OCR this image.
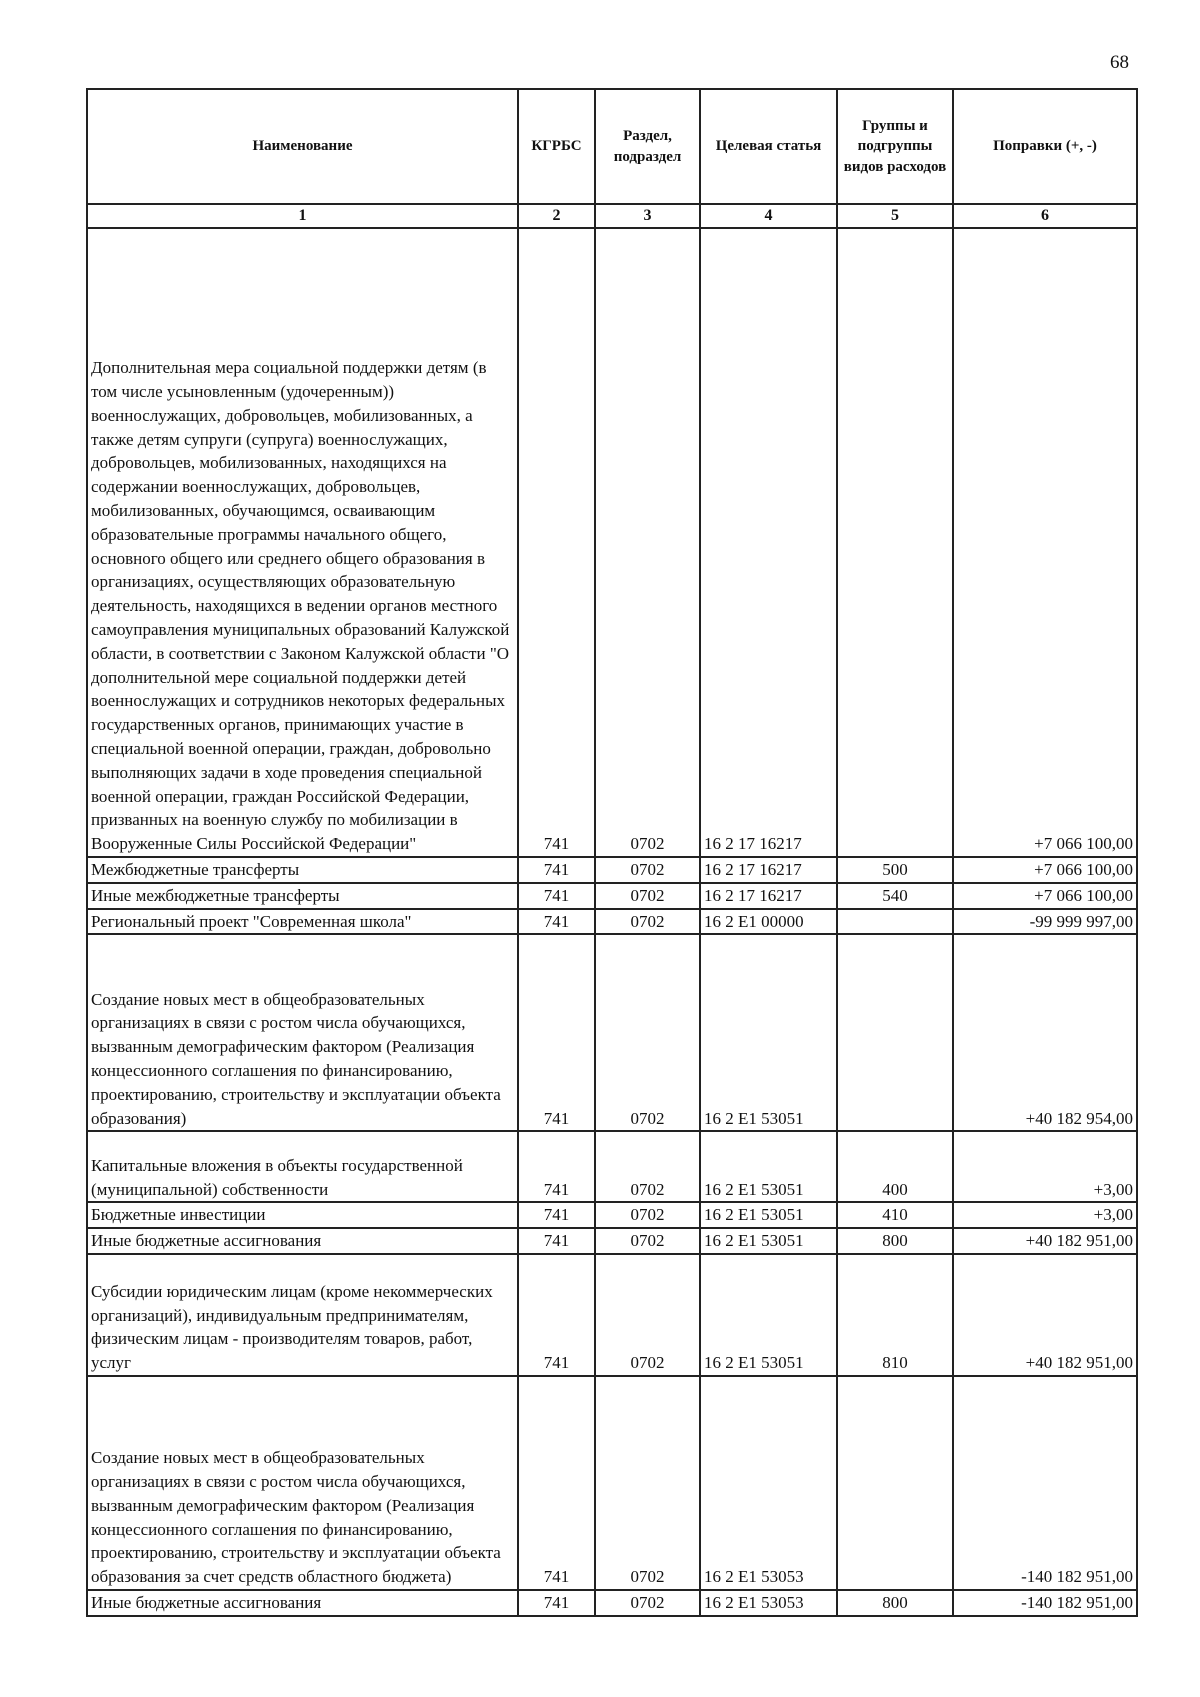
68
Наименование	КГРБС	Раздел, подраздел	Целевая статья	Группы и подгруппы видов расходов	Поправки (+, -)
1	2	3	4	5	6
Дополнительная мера социальной поддержки детям (в том числе усыновленным (удочеренным)) военнослужащих, добровольцев, мобилизованных, а также детям супруги (супруга) военнослужащих, добровольцев, мобилизованных, находящихся на содержании военнослужащих, добровольцев, мобилизованных, обучающимся, осваивающим образовательные программы начального общего, основного общего или среднего общего образования в организациях, осуществляющих образовательную деятельность, находящихся в ведении органов местного самоуправления муниципальных образований Калужской области, в соответствии с Законом Калужской области "О дополнительной мере социальной поддержки детей военнослужащих и сотрудников некоторых федеральных государственных органов, принимающих участие в специальной военной операции, граждан, добровольно выполняющих задачи в ходе проведения специальной военной операции, граждан Российской Федерации, призванных на военную службу по мобилизации в Вооруженные Силы Российской Федерации"	741	0702	16 2 17 16217		+7 066 100,00
Межбюджетные трансферты	741	0702	16 2 17 16217	500	+7 066 100,00
Иные межбюджетные трансферты	741	0702	16 2 17 16217	540	+7 066 100,00
Региональный проект "Современная школа"	741	0702	16 2 Е1 00000		-99 999 997,00
Создание новых мест в общеобразовательных организациях в связи с ростом числа обучающихся, вызванным демографическим фактором (Реализация концессионного соглашения по финансированию, проектированию, строительству и эксплуатации объекта образования)	741	0702	16 2 Е1 53051		+40 182 954,00
Капитальные вложения в объекты государственной (муниципальной) собственности	741	0702	16 2 Е1 53051	400	+3,00
Бюджетные инвестиции	741	0702	16 2 Е1 53051	410	+3,00
Иные бюджетные ассигнования	741	0702	16 2 Е1 53051	800	+40 182 951,00
Субсидии юридическим лицам (кроме некоммерческих организаций), индивидуальным предпринимателям, физическим лицам - производителям товаров, работ, услуг	741	0702	16 2 Е1 53051	810	+40 182 951,00
Создание новых мест в общеобразовательных организациях в связи с ростом числа обучающихся, вызванным демографическим фактором (Реализация концессионного соглашения по финансированию, проектированию, строительству и эксплуатации объекта образования за счет средств областного бюджета)	741	0702	16 2 Е1 53053		-140 182 951,00
Иные бюджетные ассигнования	741	0702	16 2 Е1 53053	800	-140 182 951,00
